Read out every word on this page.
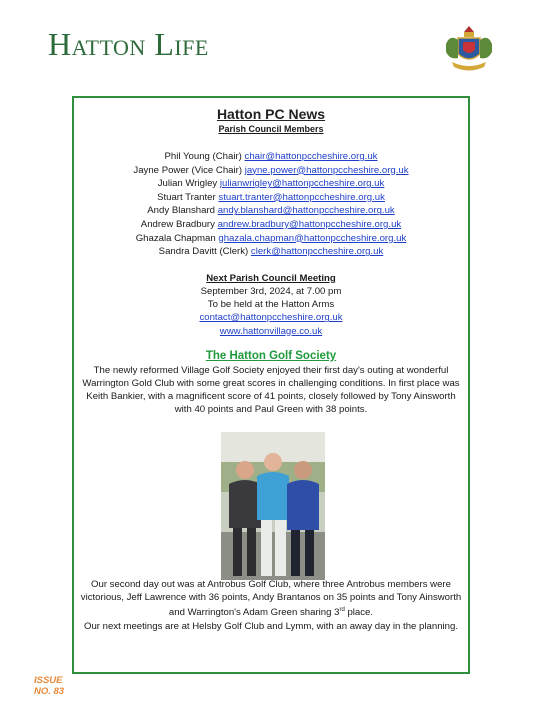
Hatton Life
Hatton PC News
Parish Council Members
Phil Young (Chair) chair@hattonpccheshire.org.uk
Jayne Power (Vice Chair) jayne.power@hattonpccheshire.org.uk
Julian Wrigley julianwrigley@hattonpccheshire.org.uk
Stuart Tranter stuart.tranter@hattonpccheshire.org.uk
Andy Blanshard andy.blanshard@hattonpccheshire.org.uk
Andrew Bradbury andrew.bradbury@hattonpccheshire.org.uk
Ghazala Chapman ghazala.chapman@hattonpccheshire.org.uk
Sandra Davitt (Clerk) clerk@hattonpccheshire.org.uk
Next Parish Council Meeting
September 3rd, 2024, at 7.00 pm
To be held at the Hatton Arms
contact@hattonpccheshire.org.uk
www.hattonvillage.co.uk
The Hatton Golf Society
The newly reformed Village Golf Society enjoyed their first day's outing at wonderful Warrington Gold Club with some great scores in challenging conditions. In first place was Keith Bankier, with a magnificent score of 41 points, closely followed by Tony Ainsworth with 40 points and Paul Green with 38 points.
Our second day out was at Antrobus Golf Club, where three Antrobus members were victorious, Jeff Lawrence with 36 points, Andy Brantanos on 35 points and Tony Ainsworth and Warrington's Adam Green sharing 3rd place.
Our next meetings are at Helsby Golf Club and Lymm, with an away day in the planning.
ISSUE
NO. 83
